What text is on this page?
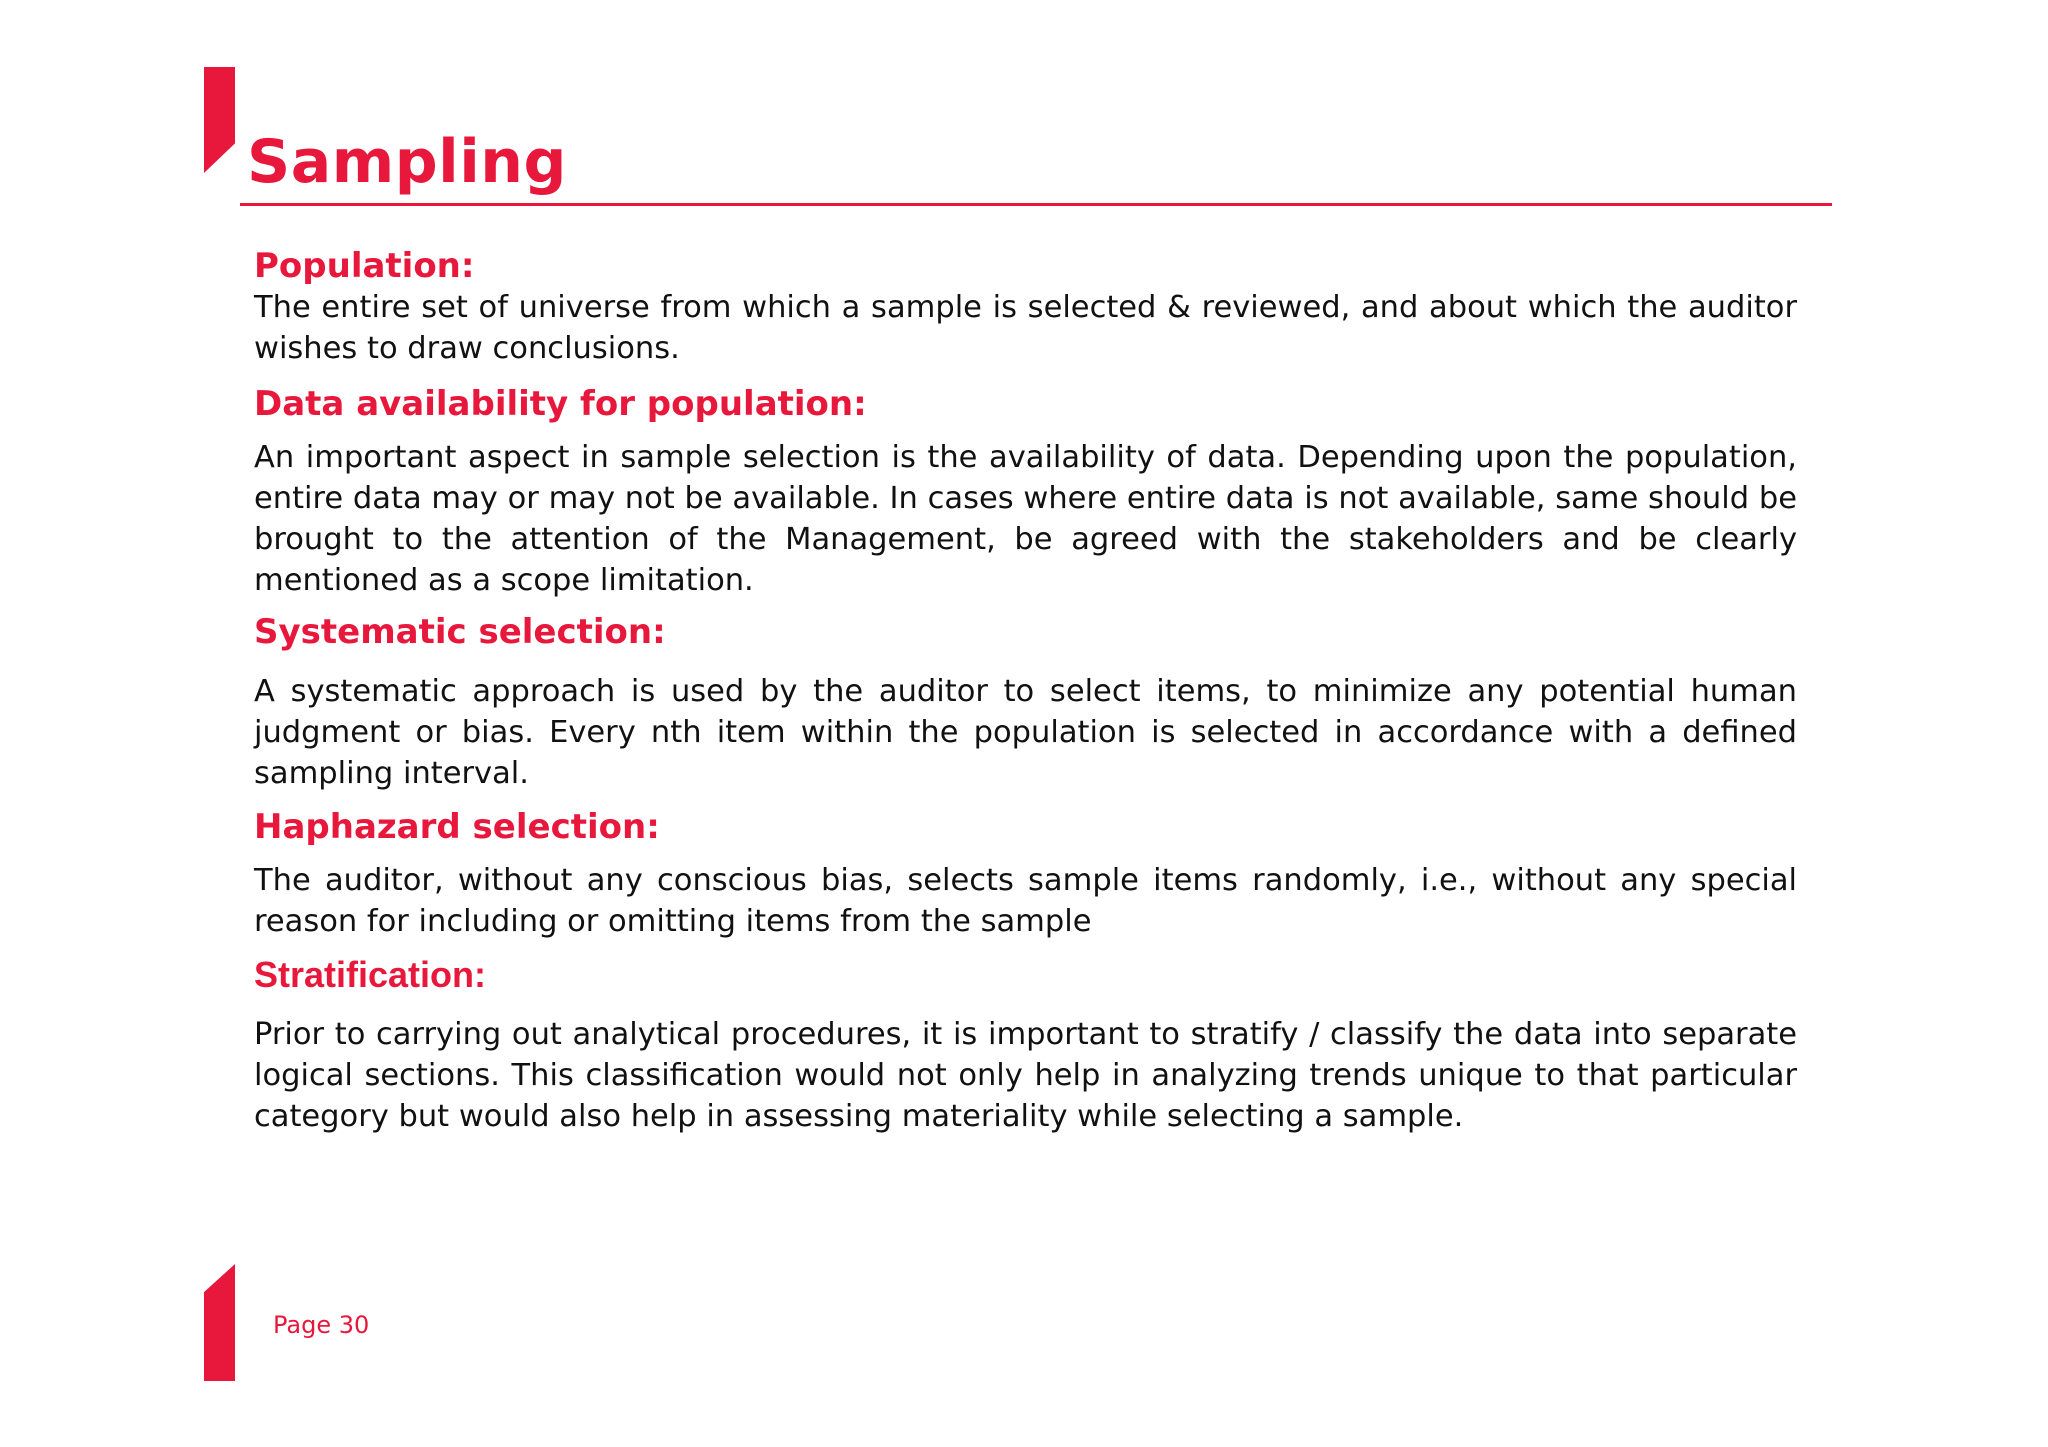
Sampling
Population:

The entire set of universe from which a sample is selected & reviewed, and about which the auditor wishes to draw conclusions.

Data availability for population:

An important aspect in sample selection is the availability of data. Depending upon the population, entire data may or may not be available. In cases where entire data is not available, same should be brought to the attention of the Management, be agreed with the stakeholders and be clearly mentioned as a scope limitation.

Systematic selection:

A systematic approach is used by the auditor to select items, to minimize any potential human judgment or bias. Every nth item within the population is selected in accordance with a defined sampling interval.

Haphazard selection:

The auditor, without any conscious bias, selects sample items randomly, i.e., without any special reason for including or omitting items from the sample

Stratification:

Prior to carrying out analytical procedures, it is important to stratify / classify the data into separate logical sections. This classification would not only help in analyzing trends unique to that particular category but would also help in assessing materiality while selecting a sample.

Page 30
